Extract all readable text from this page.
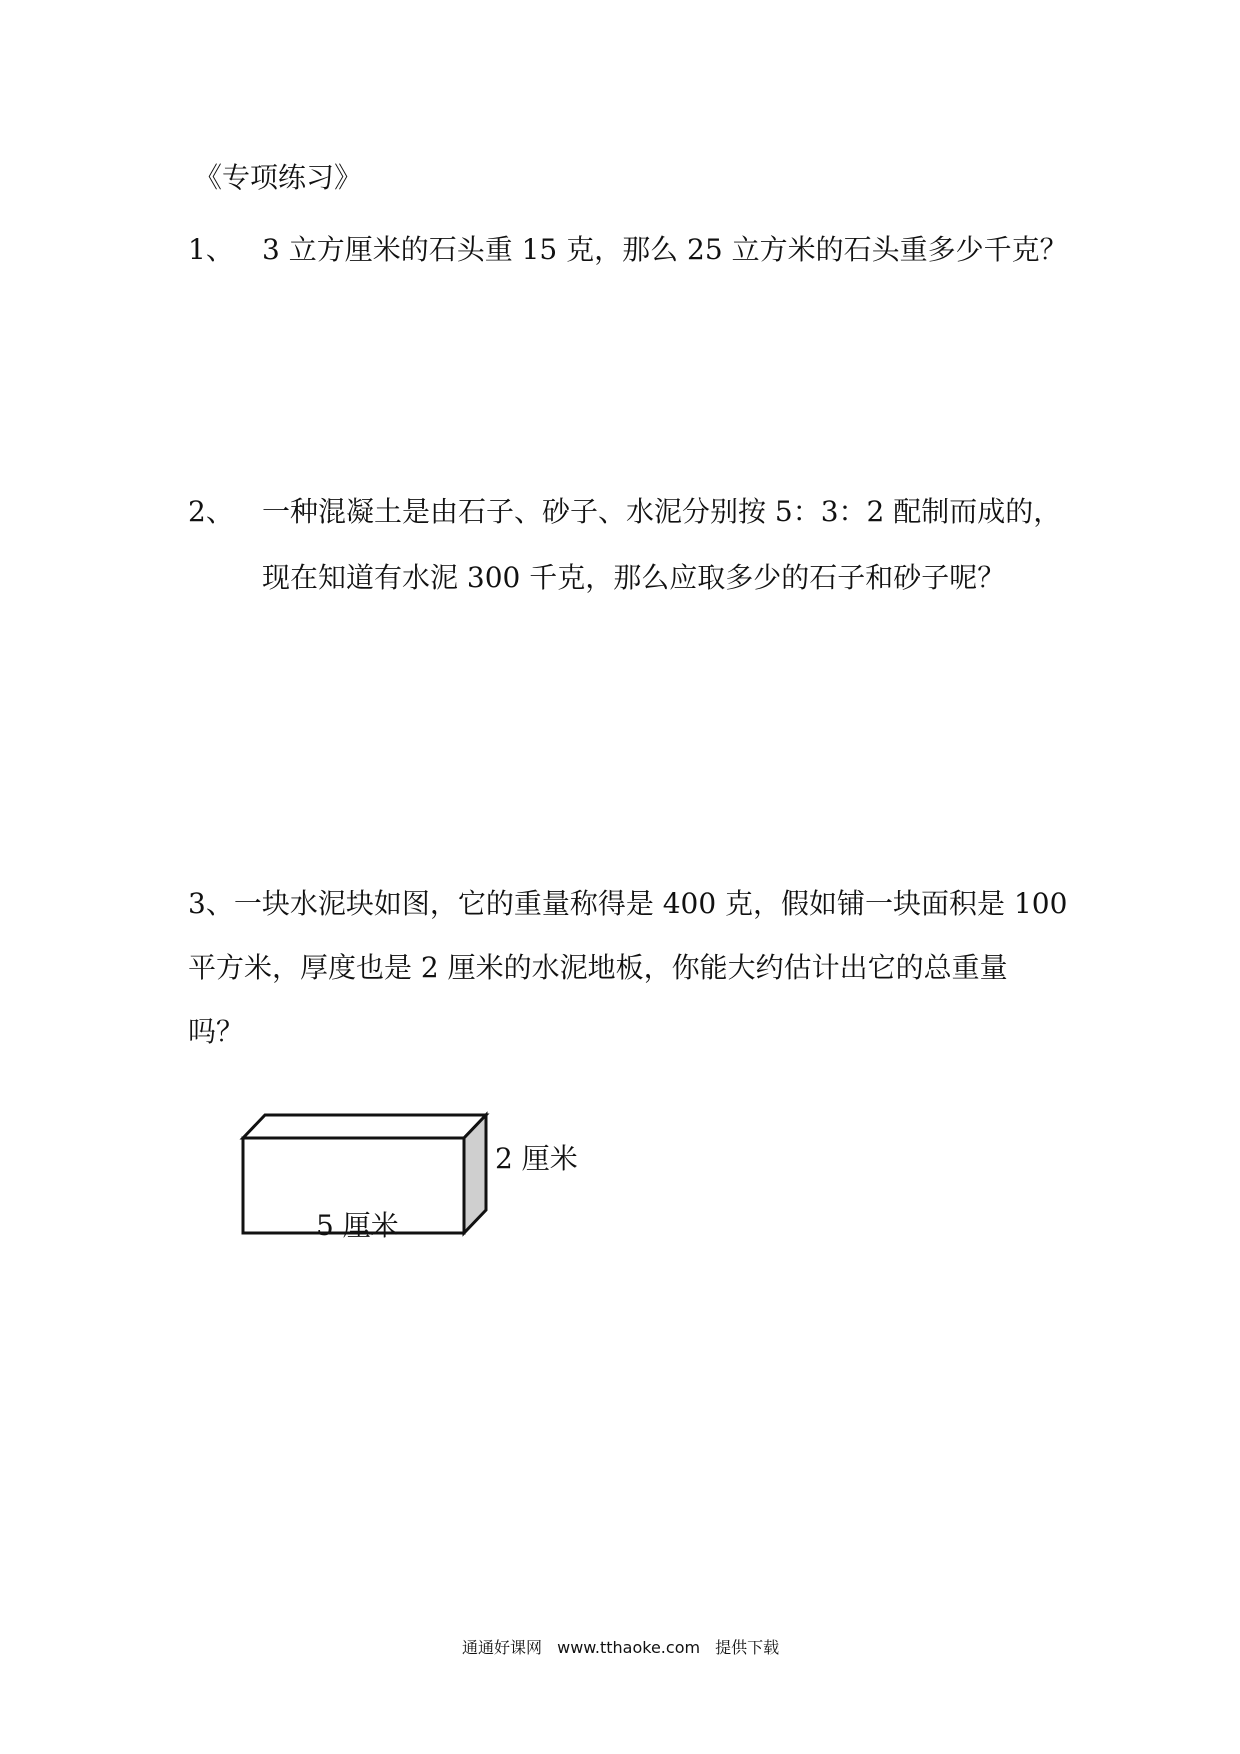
《专项练习》
1、 3 立方厘米的石头重 15 克，那么 25 立方米的石头重多少千克？
2、 一种混凝土是由石子、砂子、水泥分别按 5：3：2 配制而成的，
现在知道有水泥 300 千克，那么应取多少的石子和砂子呢？
3、一块水泥块如图，它的重量称得是 400 克，假如铺一块面积是 100
平方米，厚度也是 2 厘米的水泥地板，你能大约估计出它的总重量
吗？
2 厘米
5 厘米
通通好课网 www.tthaoke.com 提供下载
